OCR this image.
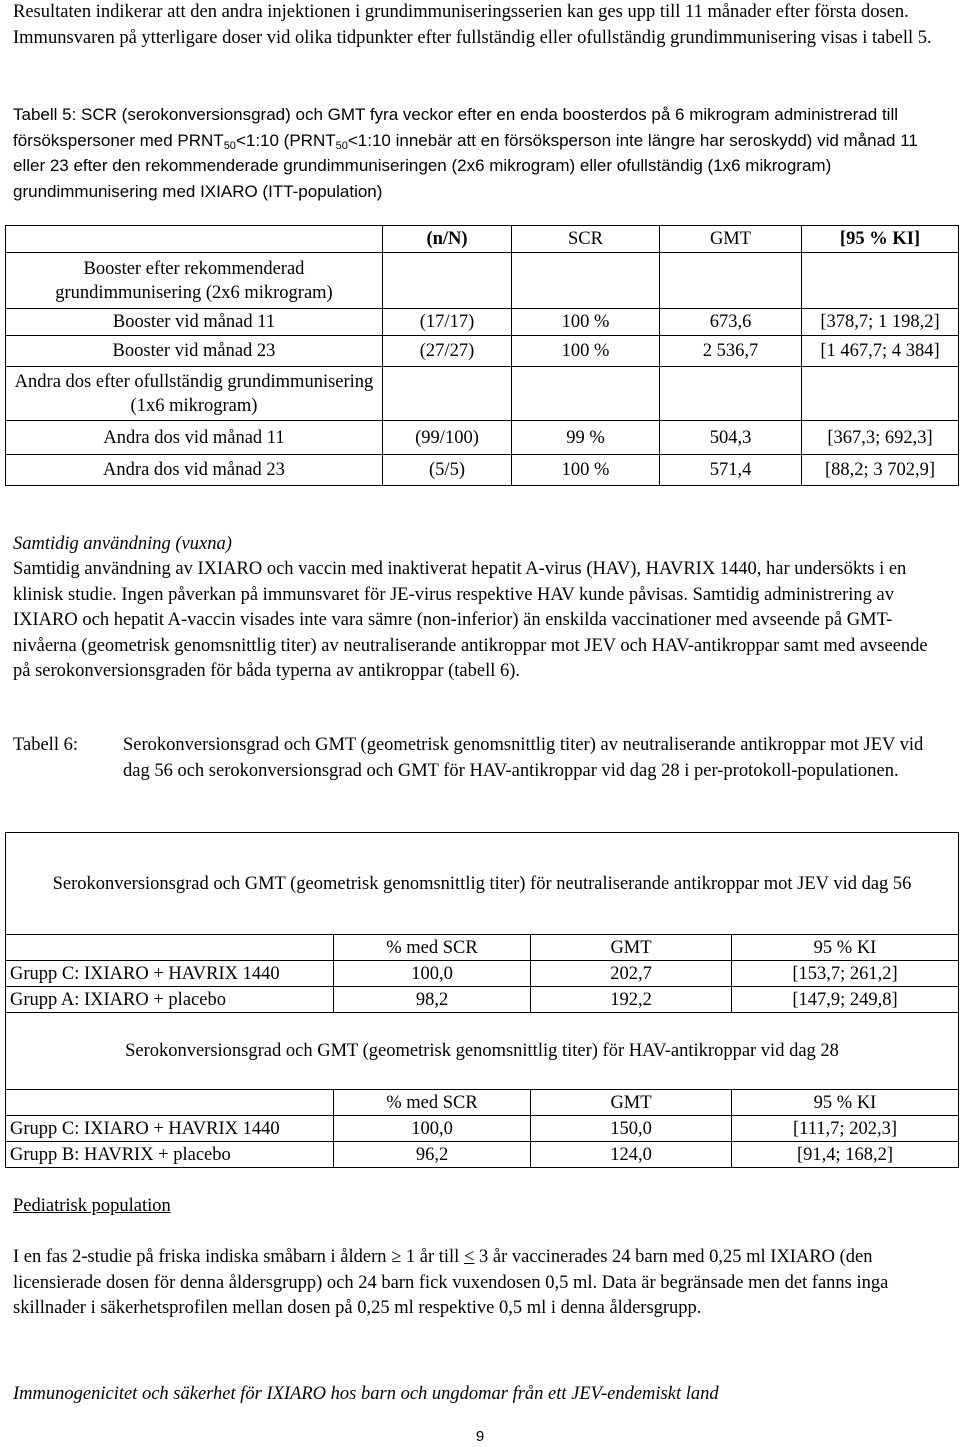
Resultaten indikerar att den andra injektionen i grundimmuniseringsserien kan ges upp till 11 månader efter första dosen. Immunsvaren på ytterligare doser vid olika tidpunkter efter fullständig eller ofullständig grundimmunisering visas i tabell 5.

Tabell 5: SCR (serokonversionsgrad) och GMT fyra veckor efter en enda boosterdos på 6 mikrogram administrerad till försökspersoner med $PRNT_{50}<1:10$ ($PRNT_{50}<1:10$ innebär att en försöksperson inte längre har seroskydd) vid månad 11 eller 23 efter den rekommenderade grundimmuniseringen (2x6 mikrogram) eller ofullständig (1x6 mikrogram) grundimmunisering med IXIARO (ITT-population)

	(n/N)	SCR	GMT	[95 % KI]
Booster efter rekommenderad grundimmunisering (2x6 mikrogram)				
Booster vid månad 11	(17/17)	100 %	673,6	[378,7; 1 198,2]
Booster vid månad 23	(27/27)	100 %	2 536,7	[1 467,7; 4 384]
Andra dos efter ofullständig grundimmunisering (1x6 mikrogram)				
Andra dos vid månad 11	(99/100)	99 %	504,3	[367,3; 692,3]
Andra dos vid månad 23	(5/5)	100 %	571,4	[88,2; 3 702,9]

Samtidig användning (vuxna)

Samtidig användning av IXIARO och vaccin med inaktiverat hepatit A-virus (HAV), HAVRIX 1440, har undersökts i en klinisk studie. Ingen påverkan på immunsvaret för JE-virus respektive HAV kunde påvisas. Samtidig administrering av IXIARO och hepatit A-vaccin visades inte vara sämre (non-inferior) än enskilda vaccinationer med avseende på GMT-nivåerna (geometrisk genomsnittlig titer) av neutraliserande antikroppar mot JEV och HAV-antikroppar samt med avseende på serokonversionsgraden för båda typerna av antikroppar (tabell 6).

Tabell 6: Serokonversionsgrad och GMT (geometrisk genomsnittlig titer) av neutraliserande antikroppar mot JEV vid dag 56 och serokonversionsgrad och GMT för HAV-antikroppar vid dag 28 i per-protokoll-populationen.

Serokonversionsgrad och GMT (geometrisk genomsnittlig titer) för neutraliserande antikroppar mot JEV vid dag 56			
	% med SCR	GMT	95 % KI
Grupp C: IXIARO + HAVRIX 1440	100,0	202,7	[153,7; 261,2]
Grupp A: IXIARO + placebo	98,2	192,2	[147,9; 249,8]
Serokonversionsgrad och GMT (geometrisk genomsnittlig titer) för HAV-antikroppar vid dag 28			
	% med SCR	GMT	95 % KI
Grupp C: IXIARO + HAVRIX 1440	100,0	150,0	[111,7; 202,3]
Grupp B: HAVRIX + placebo	96,2	124,0	[91,4; 168,2]

Pediatrisk population

I en fas 2-studie på friska indiska småbarn i åldern ≥ 1 år till < 3 år vaccinerades 24 barn med 0,25 ml IXIARO (den licensierade dosen för denna åldersgrupp) och 24 barn fick vuxendosen 0,5 ml. Data är begränsade men det fanns inga skillnader i säkerhetsprofilen mellan dosen på 0,25 ml respektive 0,5 ml i denna åldersgrupp.

Immunogenicitet och säkerhet för IXIARO hos barn och ungdomar från ett JEV-endemiskt land

9
